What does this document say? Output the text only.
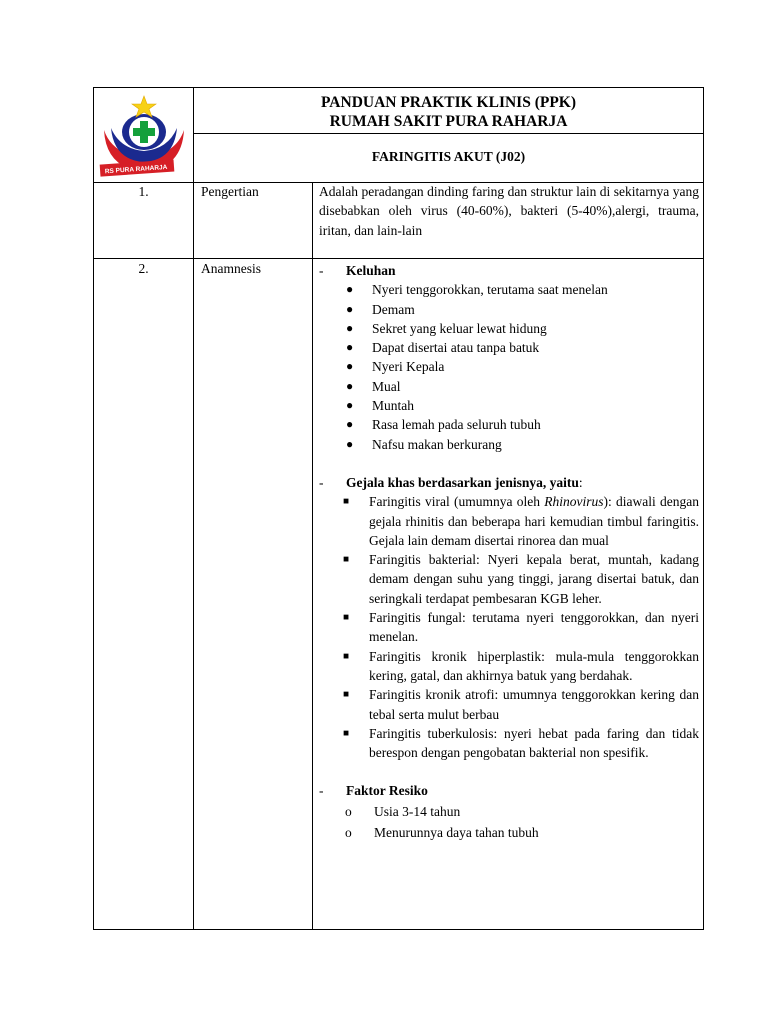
RS PURA RAHARJA
PANDUAN PRAKTIK KLINIS (PPK)
RUMAH SAKIT PURA RAHARJA
FARINGITIS AKUT (J02)
1.	Pengertian	Adalah peradangan dinding faring dan struktur lain di sekitarnya yang disebabkan oleh virus (40-60%), bakteri (5-40%),alergi, trauma, iritan, dan lain-lain
2.	Anamnesis	- Keluhan
● Nyeri tenggorokkan, terutama saat menelan
● Demam
● Sekret yang keluar lewat hidung
● Dapat disertai atau tanpa batuk
● Nyeri Kepala
● Mual
● Muntah
● Rasa lemah pada seluruh tubuh
● Nafsu makan berkurang
- Gejala khas berdasarkan jenisnya, yaitu:
■ Faringitis viral (umumnya oleh Rhinovirus): diawali dengan gejala rhinitis dan beberapa hari kemudian timbul faringitis. Gejala lain demam disertai rinorea dan mual
■ Faringitis bakterial: Nyeri kepala berat, muntah, kadang demam dengan suhu yang tinggi, jarang disertai batuk, dan seringkali terdapat pembesaran KGB leher.
■ Faringitis fungal: terutama nyeri tenggorokkan, dan nyeri menelan.
■ Faringitis kronik hiperplastik: mula-mula tenggorokkan kering, gatal, dan akhirnya batuk yang berdahak.
■ Faringitis kronik atrofi: umumnya tenggorokkan kering dan tebal serta mulut berbau
■ Faringitis tuberkulosis: nyeri hebat pada faring dan tidak berespon dengan pengobatan bakterial non spesifik.
- Faktor Resiko
o Usia 3-14 tahun
o Menurunnya daya tahan tubuh
